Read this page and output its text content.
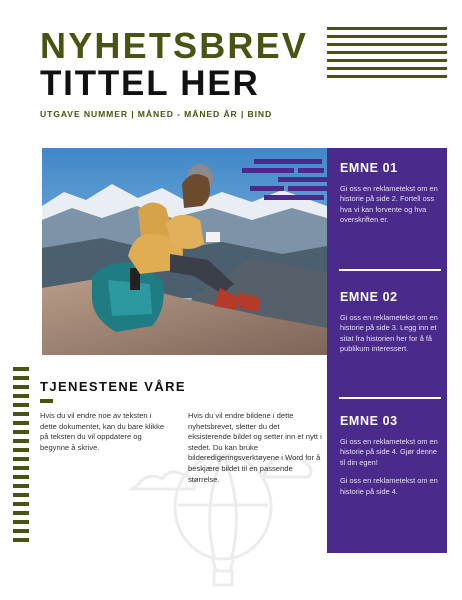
NYHETSBREV
TITTEL HER
UTGAVE NUMMER | MÅNED - MÅNED ÅR | BIND
EMNE 01

Gi oss en reklametekst om en historie på side 2. Fortell oss hva vi kan forvente og hva overskriften er.

EMNE 02

Gi oss en reklametekst om en historie på side 3. Legg inn et sitat fra historien her for å få publikum interessert.

EMNE 03

Gi oss en reklametekst om en historie på side 4. Gjør denne til din egen!

Gi oss en reklametekst om en historie på side 4.

TJENESTENE VÅRE
Hvis du vil endre noe av teksten i dette dokumentet, kan du bare klikke på teksten du vil oppdatere og begynne å skrive.
Hvis du vil endre bildene i dette nyhetsbrevet, sletter du det eksisterende bildet og setter inn et nytt i stedet. Du kan bruke bilderedigeringsverktøyene i Word for å beskjære bildet til en passende størrelse.
